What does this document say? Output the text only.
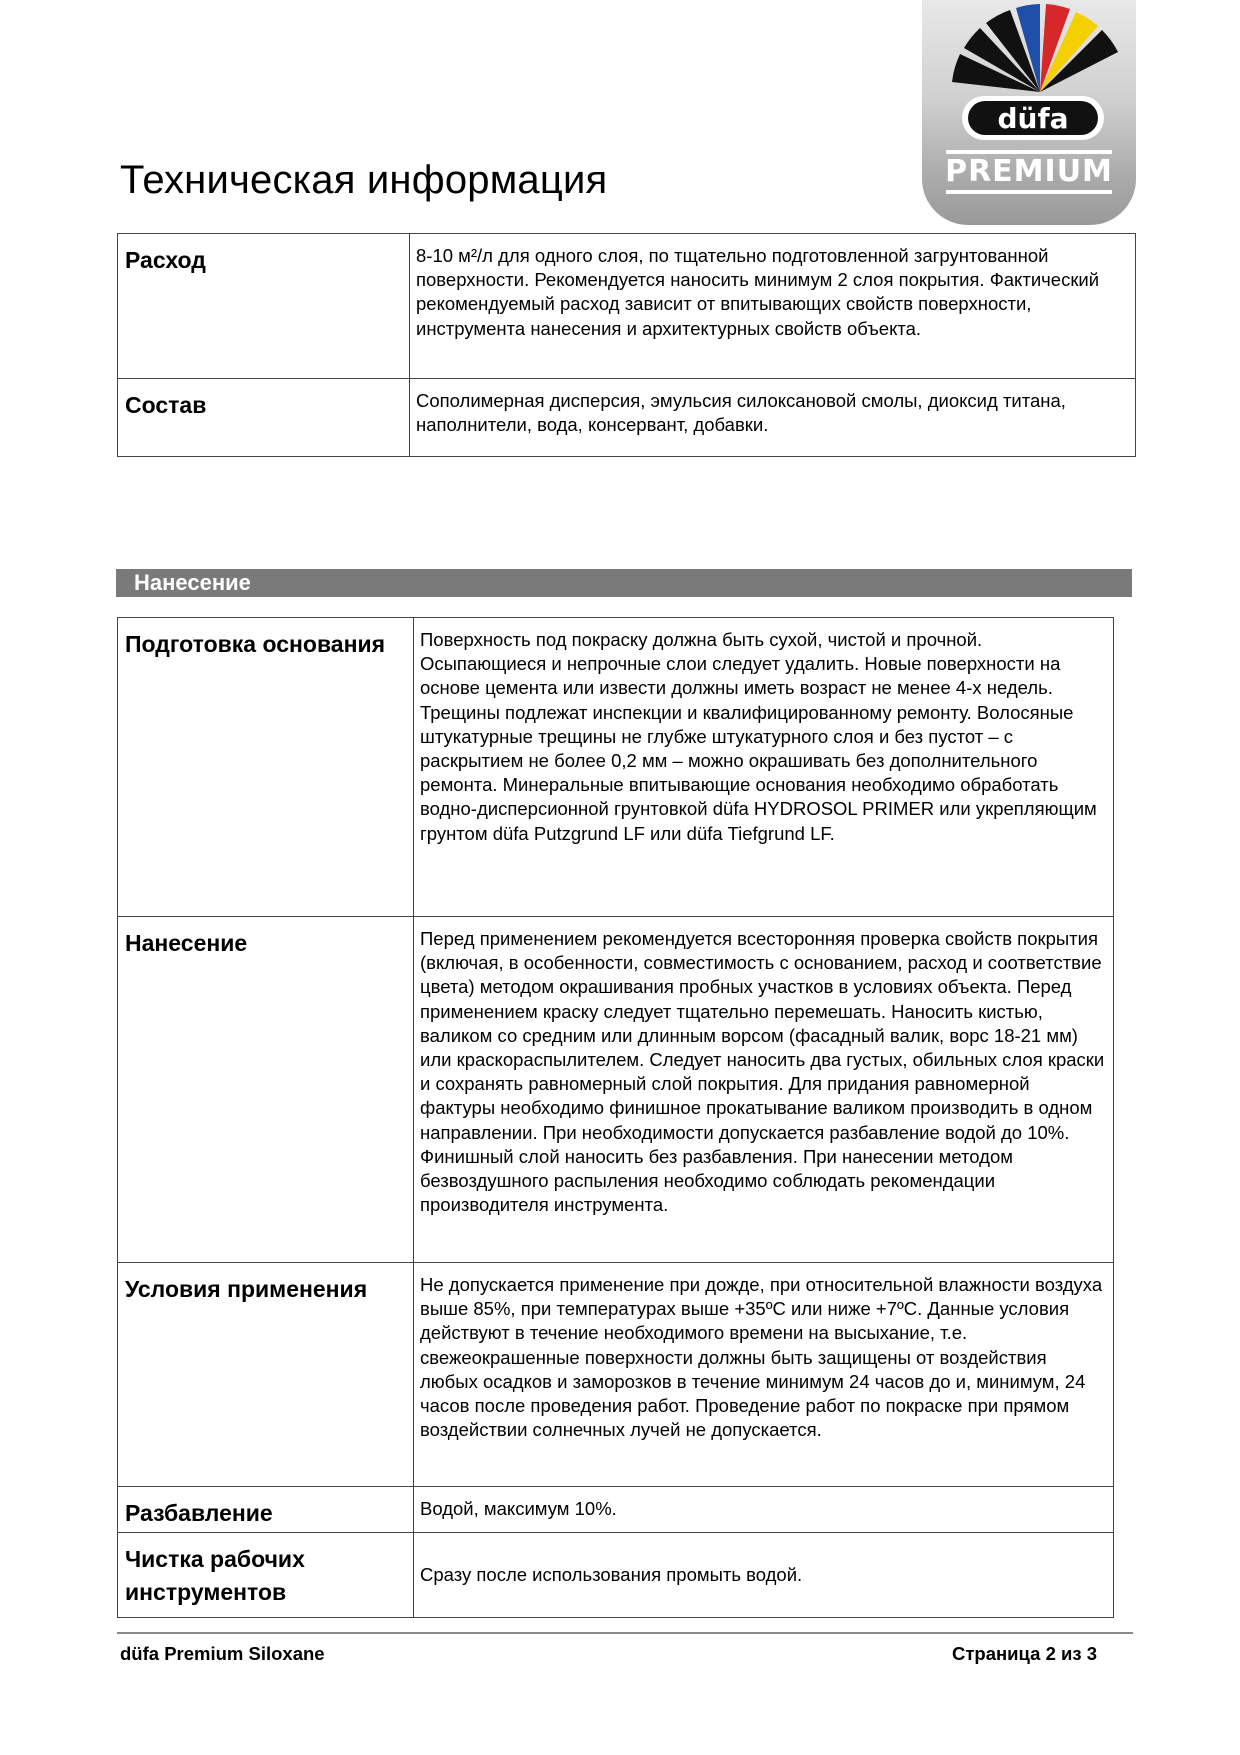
Техническая информация
düfa
PREMIUM
Расход	8-10 м²/л для одного слоя, по тщательно подготовленной загрунтованной поверхности. Рекомендуется наносить минимум 2 слоя покрытия. Фактический рекомендуемый расход зависит от впитывающих свойств поверхности, инструмента нанесения и архитектурных свойств объекта.
Состав	Сополимерная дисперсия, эмульсия силоксановой смолы, диоксид титана, наполнители, вода, консервант, добавки.
Нанесение
Подготовка основания	Поверхность под покраску должна быть сухой, чистой и прочной. Осыпающиеся и непрочные слои следует удалить. Новые поверхности на основе цемента или извести должны иметь возраст не менее 4-х недель. Трещины подлежат инспекции и квалифицированному ремонту. Волосяные штукатурные трещины не глубже штукатурного слоя и без пустот – с раскрытием не более 0,2 мм – можно окрашивать без дополнительного ремонта. Минеральные впитывающие основания необходимо обработать водно-дисперсионной грунтовкой düfa HYDROSOL PRIMER или укрепляющим грунтом düfa Putzgrund LF или düfa Tiefgrund LF.
Нанесение	Перед применением рекомендуется всесторонняя проверка свойств покрытия (включая, в особенности, совместимость с основанием, расход и соответствие цвета) методом окрашивания пробных участков в условиях объекта. Перед применением краску следует тщательно перемешать. Наносить кистью, валиком со средним или длинным ворсом (фасадный валик, ворс 18-21 мм) или краскораспылителем. Следует наносить два густых, обильных слоя краски и сохранять равномерный слой покрытия. Для придания равномерной фактуры необходимо финишное прокатывание валиком производить в одном направлении. При необходимости допускается разбавление водой до 10%. Финишный слой наносить без разбавления. При нанесении методом безвоздушного распыления необходимо соблюдать рекомендации производителя инструмента.
Условия применения	Не допускается применение при дожде, при относительной влажности воздуха выше 85%, при температурах выше +35ºС или ниже +7ºС. Данные условия действуют в течение необходимого времени на высыхание, т.е. свежеокрашенные поверхности должны быть защищены от воздействия любых осадков и заморозков в течение минимум 24 часов до и, минимум, 24 часов после проведения работ. Проведение работ по покраске при прямом воздействии солнечных лучей не допускается.
Разбавление	Водой, максимум 10%.
Чистка рабочих инструментов	Сразу после использования промыть водой.
düfa Premium Siloxane	Страница 2 из 3
